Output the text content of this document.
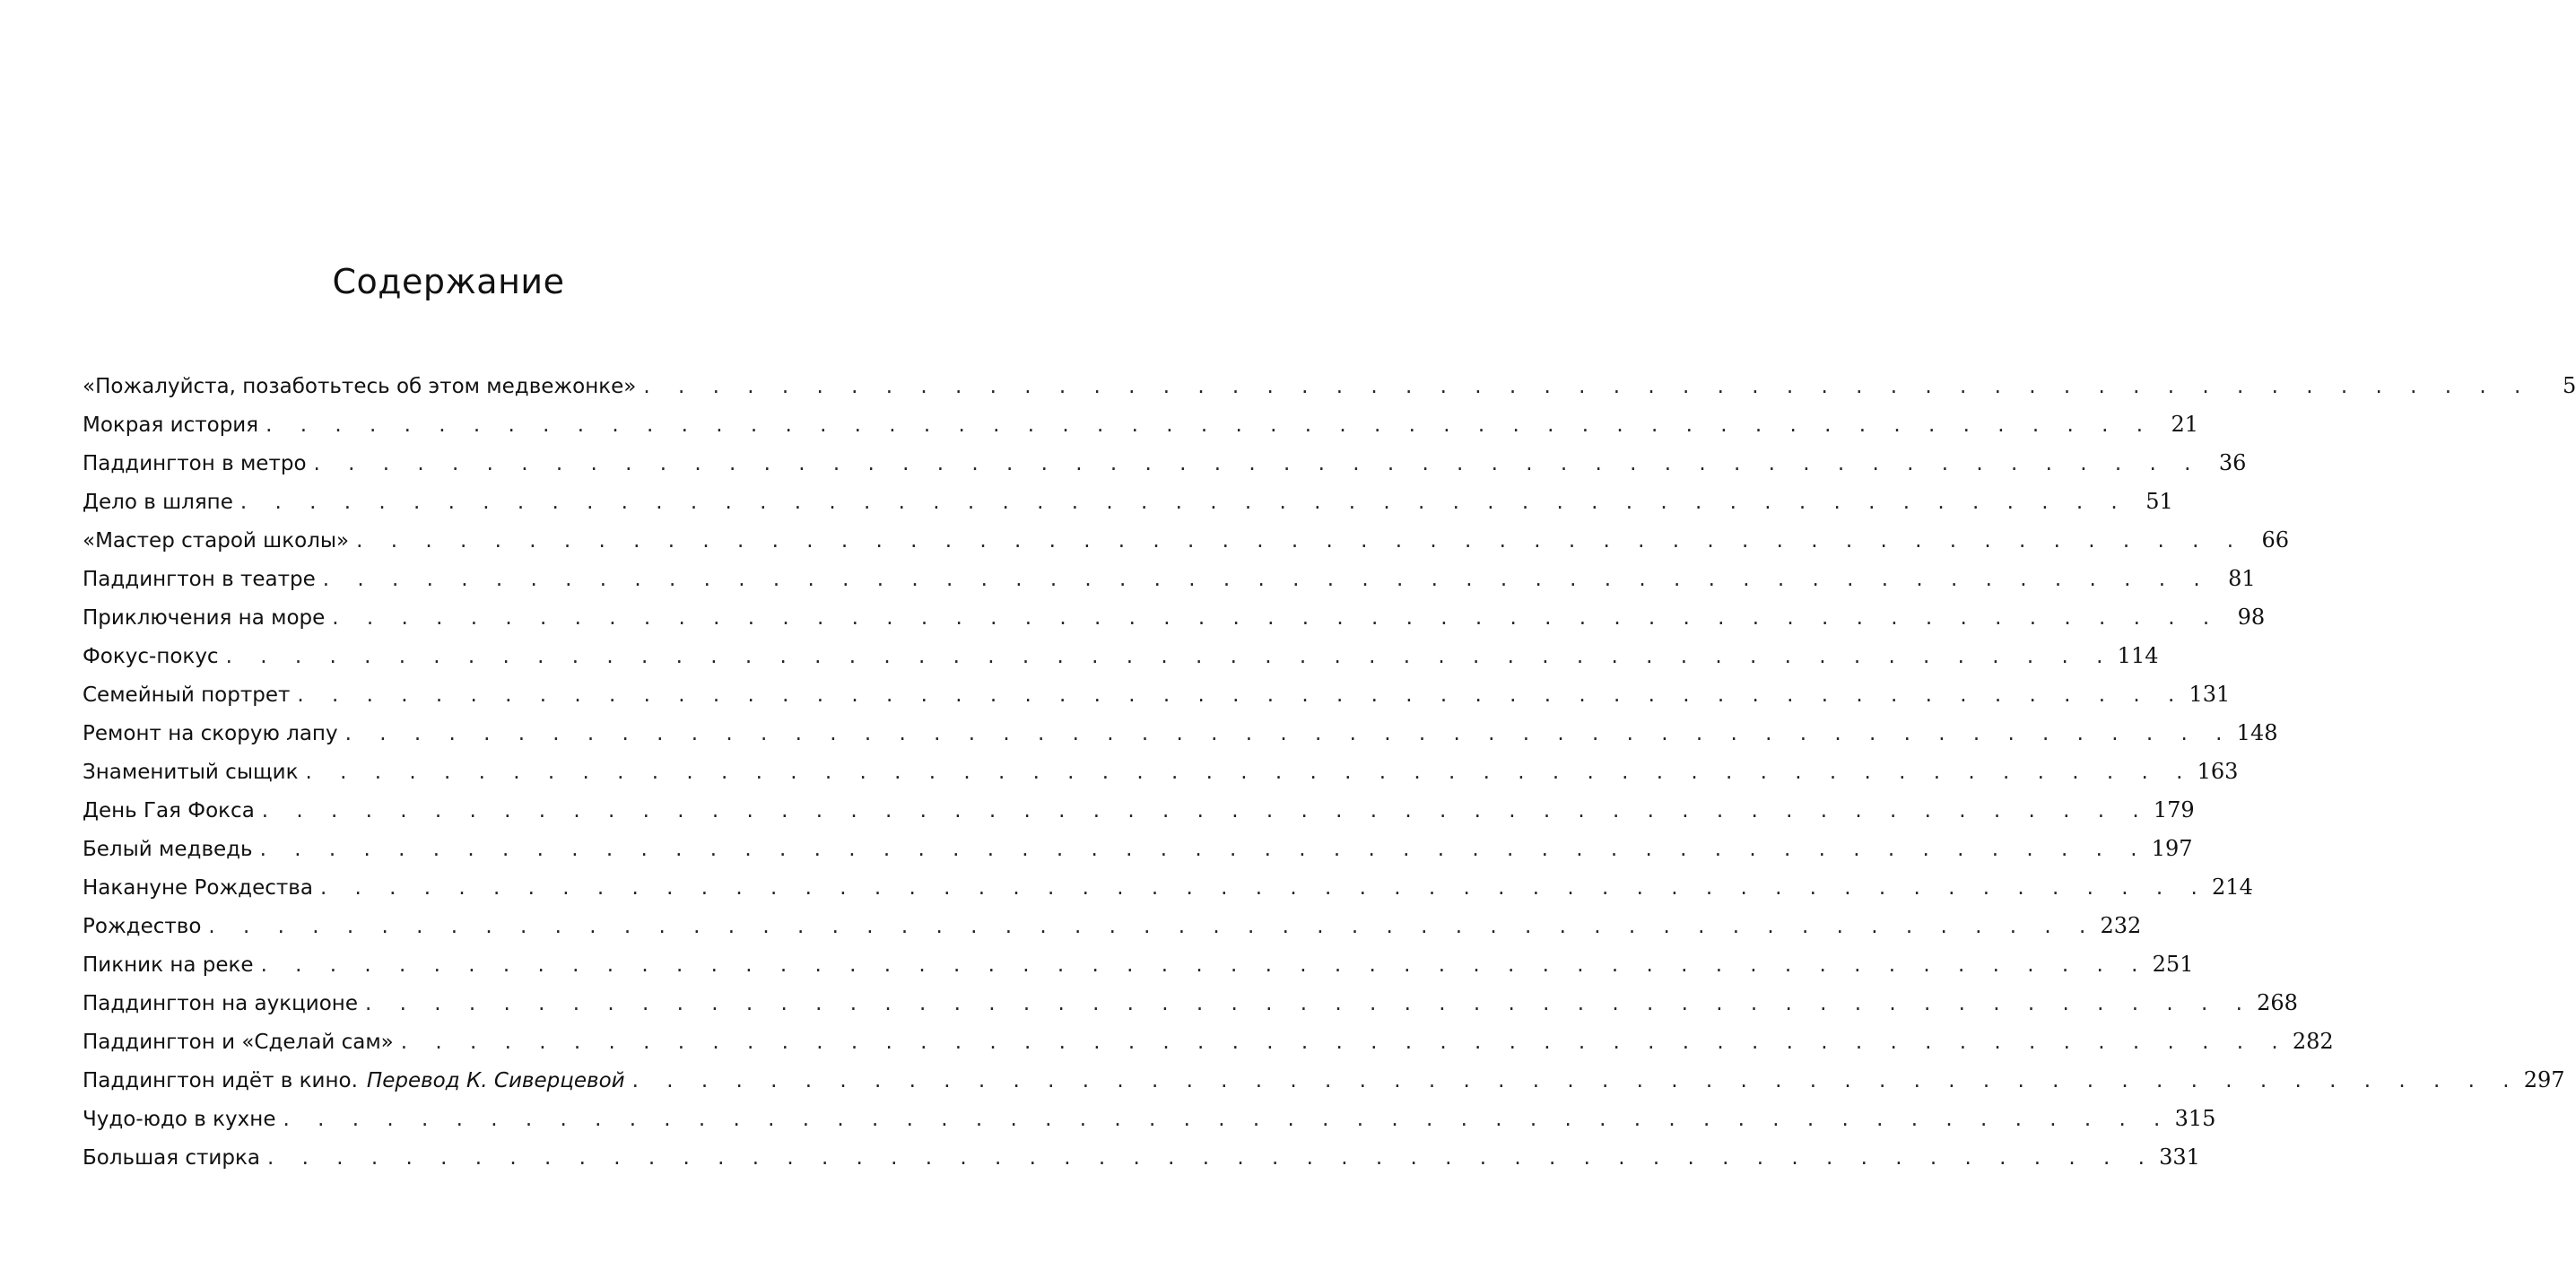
Содержание
«Пожалуйста, позаботьтесь об этом медвежонке» . . . . . . . . . . . . . . . . . . . . . . . . . . . . . . . . . . . . . . . . . . . . . . . . . . . . . . .	5
Мокрая история . . . . . . . . . . . . . . . . . . . . . . . . . . . . . . . . . . . . . . . . . . . . . . . . . . . . . . . 21
Паддингтон в метро . . . . . . . . . . . . . . . . . . . . . . . . . . . . . . . . . . . . . . . . . . . . . . . . . . . . . . . 36
Дело в шляпе . . . . . . . . . . . . . . . . . . . . . . . . . . . . . . . . . . . . . . . . . . . . . . . . . . . . . . . 51
«Мастер старой школы» . . . . . . . . . . . . . . . . . . . . . . . . . . . . . . . . . . . . . . . . . . . . . . . . . . . . . . . 66
Паддингтон в театре . . . . . . . . . . . . . . . . . . . . . . . . . . . . . . . . . . . . . . . . . . . . . . . . . . . . . . . 81
Приключения на море . . . . . . . . . . . . . . . . . . . . . . . . . . . . . . . . . . . . . . . . . . . . . . . . . . . . . . . 98
Фокус-покус . . . . . . . . . . . . . . . . . . . . . . . . . . . . . . . . . . . . . . . . . . . . . . . . . . . . . . . 114
Семейный портрет . . . . . . . . . . . . . . . . . . . . . . . . . . . . . . . . . . . . . . . . . . . . . . . . . . . . . . . 131
Ремонт на скорую лапу . . . . . . . . . . . . . . . . . . . . . . . . . . . . . . . . . . . . . . . . . . . . . . . . . . . . . . . 148
Знаменитый сыщик . . . . . . . . . . . . . . . . . . . . . . . . . . . . . . . . . . . . . . . . . . . . . . . . . . . . . . . 163
День Гая Фокса . . . . . . . . . . . . . . . . . . . . . . . . . . . . . . . . . . . . . . . . . . . . . . . . . . . . . . . 179
Белый медведь . . . . . . . . . . . . . . . . . . . . . . . . . . . . . . . . . . . . . . . . . . . . . . . . . . . . . . . 197
Накануне Рождества . . . . . . . . . . . . . . . . . . . . . . . . . . . . . . . . . . . . . . . . . . . . . . . . . . . . . . . 214
Рождество . . . . . . . . . . . . . . . . . . . . . . . . . . . . . . . . . . . . . . . . . . . . . . . . . . . . . . . 232
Пикник на реке . . . . . . . . . . . . . . . . . . . . . . . . . . . . . . . . . . . . . . . . . . . . . . . . . . . . . . . 251
Паддингтон на аукционе . . . . . . . . . . . . . . . . . . . . . . . . . . . . . . . . . . . . . . . . . . . . . . . . . . . . . . . 268
Паддингтон и «Сделай сам» . . . . . . . . . . . . . . . . . . . . . . . . . . . . . . . . . . . . . . . . . . . . . . . . . . . . . . . 282
Паддингтон идёт в кино. Перевод К. Сиверцевой . . . . . . . . . . . . . . . . . . . . . . . . . . . . . . . . . . . . . . . . . . . . . . . . . . . . . . . 297
Чудо-юдо в кухне . . . . . . . . . . . . . . . . . . . . . . . . . . . . . . . . . . . . . . . . . . . . . . . . . . . . . . . 315
Большая стирка . . . . . . . . . . . . . . . . . . . . . . . . . . . . . . . . . . . . . . . . . . . . . . . . . . . . . . . 331
